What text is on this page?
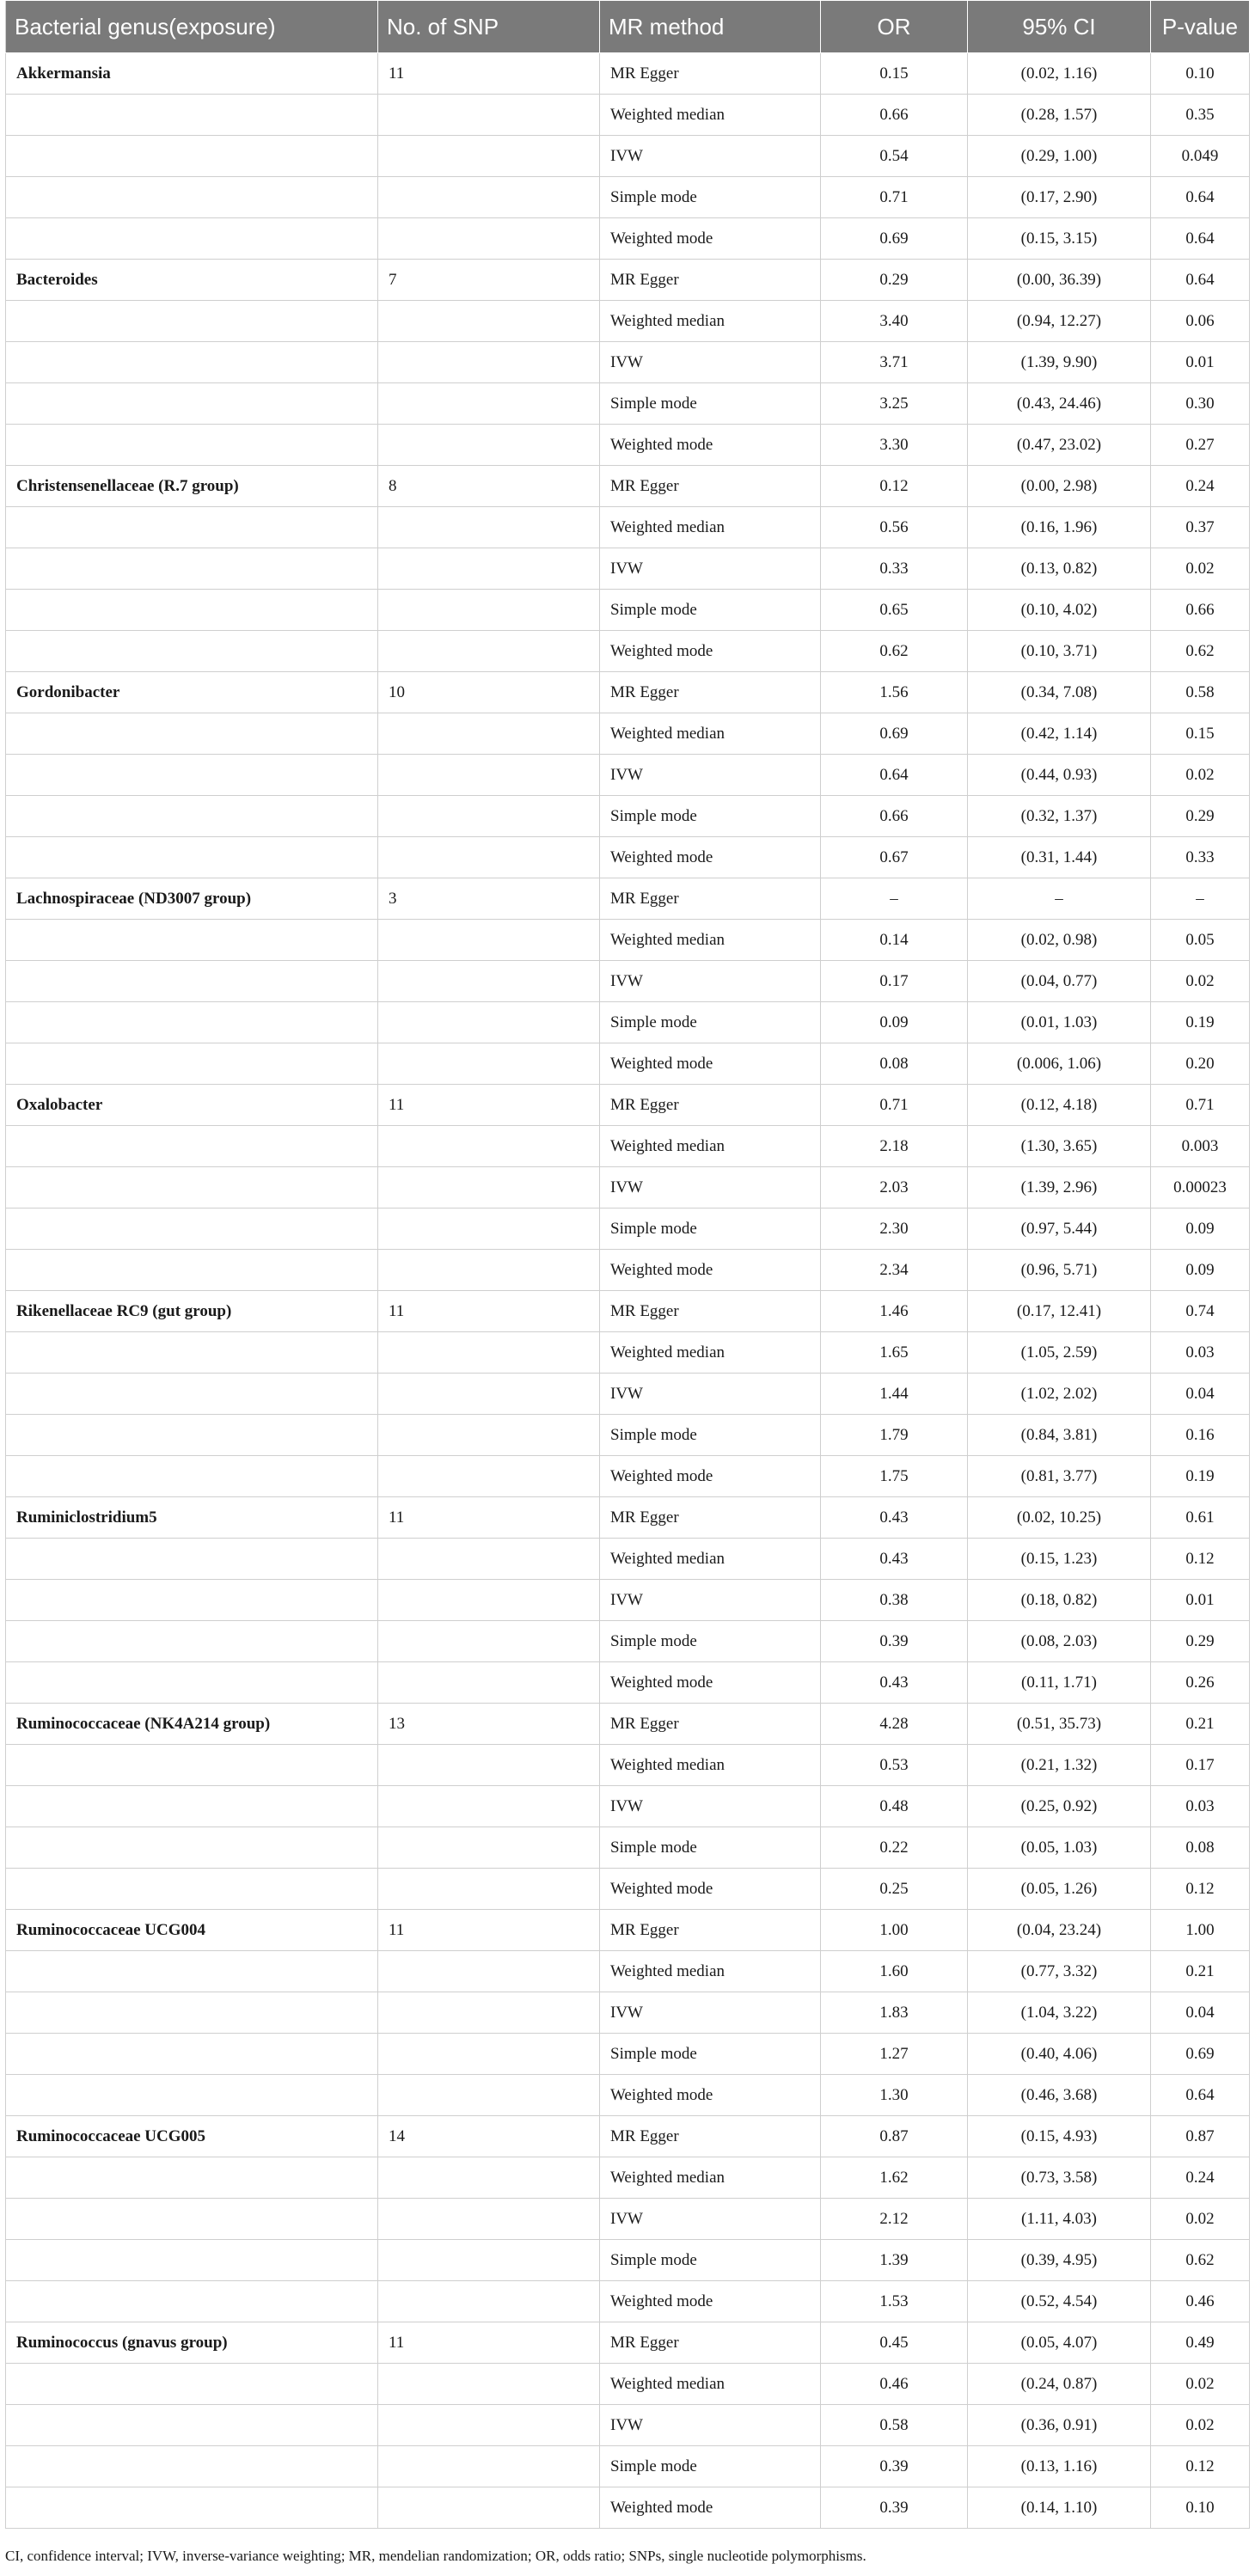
Bacterial genus(exposure)	No. of SNP	MR method	OR	95% CI	P-value
Akkermansia	11	MR Egger	0.15	(0.02, 1.16)	0.10
		Weighted median	0.66	(0.28, 1.57)	0.35
		IVW	0.54	(0.29, 1.00)	0.049
		Simple mode	0.71	(0.17, 2.90)	0.64
		Weighted mode	0.69	(0.15, 3.15)	0.64
Bacteroides	7	MR Egger	0.29	(0.00, 36.39)	0.64
		Weighted median	3.40	(0.94, 12.27)	0.06
		IVW	3.71	(1.39, 9.90)	0.01
		Simple mode	3.25	(0.43, 24.46)	0.30
		Weighted mode	3.30	(0.47, 23.02)	0.27
Christensenellaceae (R.7 group)	8	MR Egger	0.12	(0.00, 2.98)	0.24
		Weighted median	0.56	(0.16, 1.96)	0.37
		IVW	0.33	(0.13, 0.82)	0.02
		Simple mode	0.65	(0.10, 4.02)	0.66
		Weighted mode	0.62	(0.10, 3.71)	0.62
Gordonibacter	10	MR Egger	1.56	(0.34, 7.08)	0.58
		Weighted median	0.69	(0.42, 1.14)	0.15
		IVW	0.64	(0.44, 0.93)	0.02
		Simple mode	0.66	(0.32, 1.37)	0.29
		Weighted mode	0.67	(0.31, 1.44)	0.33
Lachnospiraceae (ND3007 group)	3	MR Egger	–	–	–
		Weighted median	0.14	(0.02, 0.98)	0.05
		IVW	0.17	(0.04, 0.77)	0.02
		Simple mode	0.09	(0.01, 1.03)	0.19
		Weighted mode	0.08	(0.006, 1.06)	0.20
Oxalobacter	11	MR Egger	0.71	(0.12, 4.18)	0.71
		Weighted median	2.18	(1.30, 3.65)	0.003
		IVW	2.03	(1.39, 2.96)	0.00023
		Simple mode	2.30	(0.97, 5.44)	0.09
		Weighted mode	2.34	(0.96, 5.71)	0.09
Rikenellaceae RC9 (gut group)	11	MR Egger	1.46	(0.17, 12.41)	0.74
		Weighted median	1.65	(1.05, 2.59)	0.03
		IVW	1.44	(1.02, 2.02)	0.04
		Simple mode	1.79	(0.84, 3.81)	0.16
		Weighted mode	1.75	(0.81, 3.77)	0.19
Ruminiclostridium5	11	MR Egger	0.43	(0.02, 10.25)	0.61
		Weighted median	0.43	(0.15, 1.23)	0.12
		IVW	0.38	(0.18, 0.82)	0.01
		Simple mode	0.39	(0.08, 2.03)	0.29
		Weighted mode	0.43	(0.11, 1.71)	0.26
Ruminococcaceae (NK4A214 group)	13	MR Egger	4.28	(0.51, 35.73)	0.21
		Weighted median	0.53	(0.21, 1.32)	0.17
		IVW	0.48	(0.25, 0.92)	0.03
		Simple mode	0.22	(0.05, 1.03)	0.08
		Weighted mode	0.25	(0.05, 1.26)	0.12
Ruminococcaceae UCG004	11	MR Egger	1.00	(0.04, 23.24)	1.00
		Weighted median	1.60	(0.77, 3.32)	0.21
		IVW	1.83	(1.04, 3.22)	0.04
		Simple mode	1.27	(0.40, 4.06)	0.69
		Weighted mode	1.30	(0.46, 3.68)	0.64
Ruminococcaceae UCG005	14	MR Egger	0.87	(0.15, 4.93)	0.87
		Weighted median	1.62	(0.73, 3.58)	0.24
		IVW	2.12	(1.11, 4.03)	0.02
		Simple mode	1.39	(0.39, 4.95)	0.62
		Weighted mode	1.53	(0.52, 4.54)	0.46
Ruminococcus (gnavus group)	11	MR Egger	0.45	(0.05, 4.07)	0.49
		Weighted median	0.46	(0.24, 0.87)	0.02
		IVW	0.58	(0.36, 0.91)	0.02
		Simple mode	0.39	(0.13, 1.16)	0.12
		Weighted mode	0.39	(0.14, 1.10)	0.10
CI, confidence interval; IVW, inverse-variance weighting; MR, mendelian randomization; OR, odds ratio; SNPs, single nucleotide polymorphisms.
